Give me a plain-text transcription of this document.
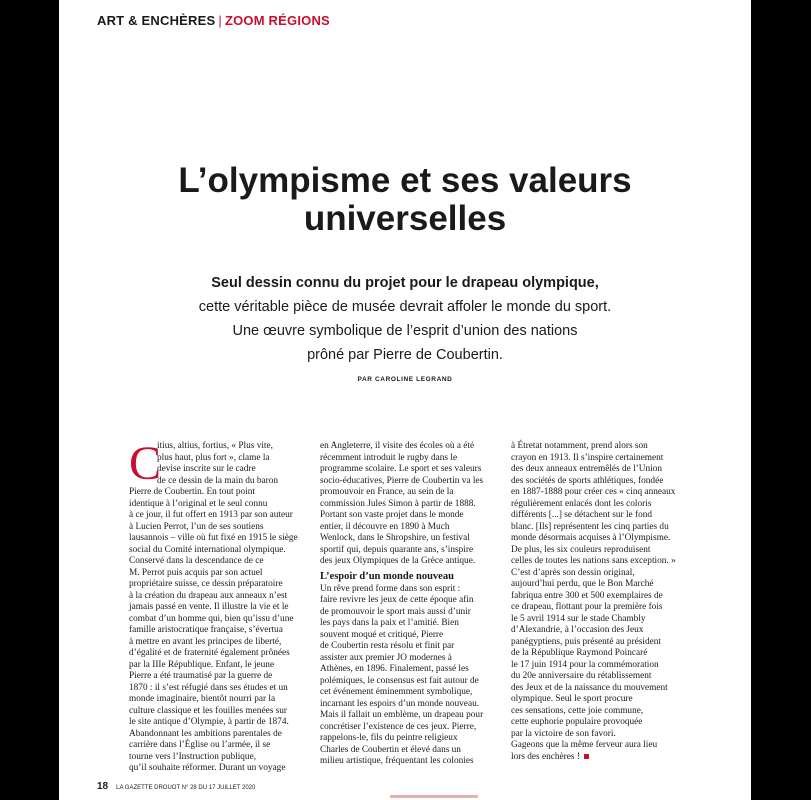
ART & ENCHÈRES | ZOOM RÉGIONS
L’olympisme et ses valeurs
universelles
Seul dessin connu du projet pour le drapeau olympique,
cette véritable pièce de musée devrait affoler le monde du sport.
Une œuvre symbolique de l’esprit d’union des nations
prôné par Pierre de Coubertin.
PAR CAROLINE LEGRAND
C
itius, altius, fortius, « Plus vite,
plus haut, plus fort », clame la
devise inscrite sur le cadre
de ce dessin de la main du baron
Pierre de Coubertin. En tout point
identique à l’original et le seul connu
à ce jour, il fut offert en 1913 par son auteur
à Lucien Perrot, l’un de ses soutiens
lausannois – ville où fut fixé en 1915 le siège
social du Comité international olympique.
Conservé dans la descendance de ce
M. Perrot puis acquis par son actuel
propriétaire suisse, ce dessin préparatoire
à la création du drapeau aux anneaux n’est
jamais passé en vente. Il illustre la vie et le
combat d’un homme qui, bien qu’issu d’une
famille aristocratique française, s’évertua
à mettre en avant les principes de liberté,
d’égalité et de fraternité également prônées
par la IIIe République. Enfant, le jeune
Pierre a été traumatisé par la guerre de
1870 : il s’est réfugié dans ses études et un
monde imaginaire, bientôt nourri par la
culture classique et les fouilles menées sur
le site antique d’Olympie, à partir de 1874.
Abandonnant les ambitions parentales de
carrière dans l’Église ou l’armée, il se
tourne vers l’Instruction publique,
qu’il souhaite réformer. Durant un voyage
en Angleterre, il visite des écoles où a été
récemment introduit le rugby dans le
programme scolaire. Le sport et ses valeurs
socio-éducatives, Pierre de Coubertin va les
promouvoir en France, au sein de la
commission Jules Simon à partir de 1888.
Portant son vaste projet dans le monde
entier, il découvre en 1890 à Much
Wenlock, dans le Shropshire, un festival
sportif qui, depuis quarante ans, s’inspire
des jeux Olympiques de la Grèce antique.
L’espoir d’un monde nouveau
Un rêve prend forme dans son esprit :
faire revivre les jeux de cette époque afin
de promouvoir le sport mais aussi d’unir
les pays dans la paix et l’amitié. Bien
souvent moqué et critiqué, Pierre
de Coubertin resta résolu et finit par
assister aux premier JO modernes à
Athènes, en 1896. Finalement, passé les
polémiques, le consensus est fait autour de
cet événement éminemment symbolique,
incarnant les espoirs d’un monde nouveau.
Mais il fallait un emblème, un drapeau pour
concrétiser l’existence de ces jeux. Pierre,
rappelons-le, fils du peintre religieux
Charles de Coubertin et élevé dans un
milieu artistique, fréquentant les colonies
à Étretat notamment, prend alors son
crayon en 1913. Il s’inspire certainement
des deux anneaux entremêlés de l’Union
des sociétés de sports athlétiques, fondée
en 1887-1888 pour créer ces « cinq anneaux
régulièrement enlacés dont les coloris
différents [...] se détachent sur le fond
blanc. [Ils] représentent les cinq parties du
monde désormais acquises à l’Olympisme.
De plus, les six couleurs reproduisent
celles de toutes les nations sans exception. »
C’est d’après son dessin original,
aujourd’hui perdu, que le Bon Marché
fabriqua entre 300 et 500 exemplaires de
ce drapeau, flottant pour la première fois
le 5 avril 1914 sur le stade Chambly
d’Alexandrie, à l’occasion des Jeux
panégyptiens, puis présenté au président
de la République Raymond Poincaré
le 17 juin 1914 pour la commémoration
du 20e anniversaire du rétablissement
des Jeux et de la naissance du mouvement
olympique. Seul le sport procure
ces sensations, cette joie commune,
cette euphorie populaire provoquée
par la victoire de son favori.
Gageons que la même ferveur aura lieu
lors des enchères !
18 LA GAZETTE DROUOT N° 28 DU 17 JUILLET 2020
